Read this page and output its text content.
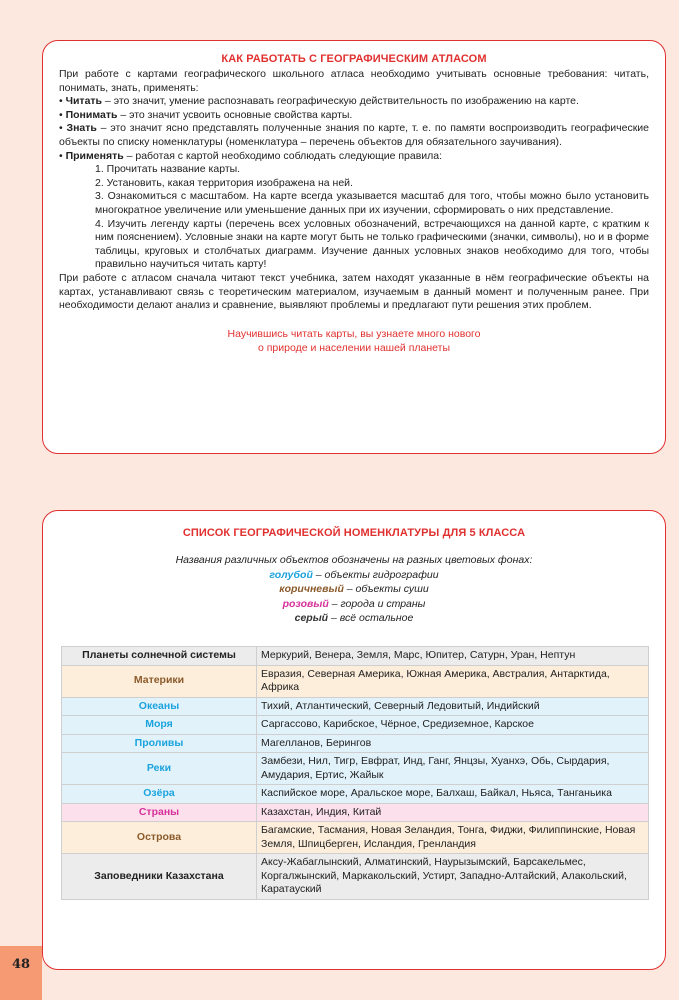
КАК РАБОТАТЬ С ГЕОГРАФИЧЕСКИМ АТЛАСОМ

При работе с картами географического школьного атласа необходимо учитывать основные требования: читать, понимать, знать, применять:

• Читать – это значит, умение распознавать географическую действительность по изображению на карте.

• Понимать – это значит усвоить основные свойства карты.

• Знать – это значит ясно представлять полученные знания по карте, т. е. по памяти воспроизводить географические объекты по списку номенклатуры (номенклатура – перечень объектов для обязательного заучивания).

• Применять – работая с картой необходимо соблюдать следующие правила:

1. Прочитать название карты.
2. Установить, какая территория изображена на ней.
3. Ознакомиться с масштабом. На карте всегда указывается масштаб для того, чтобы можно было установить многократное увеличение или уменьшение данных при их изучении, сформировать о них представление.
4. Изучить легенду карты (перечень всех условных обозначений, встречающихся на данной карте, с кратким к ним пояснением). Условные знаки на карте могут быть не только графическими (значки, символы), но и в форме таблицы, круговых и столбчатых диаграмм. Изучение данных условных знаков необходимо для того, чтобы правильно научиться читать карту!

При работе с атласом сначала читают текст учебника, затем находят указанные в нём географические объекты на картах, устанавливают связь с теоретическим материалом, изучаемым в данный момент и полученным ранее. При необходимости делают анализ и сравнение, выявляют проблемы и предлагают пути решения этих проблем.

Научившись читать карты, вы узнаете много нового
о природе и населении нашей планеты
СПИСОК ГЕОГРАФИЧЕСКОЙ НОМЕНКЛАТУРЫ ДЛЯ 5 КЛАССА
Названия различных объектов обозначены на разных цветовых фонах:
голубой – объекты гидрографии
коричневый – объекты суши
розовый – города и страны
серый – всё остальное
Планеты солнечной системы	Меркурий, Венера, Земля, Марс, Юпитер, Сатурн, Уран, Нептун
Материки	Евразия, Северная Америка, Южная Америка, Австралия, Антарктида, Африка
Океаны	Тихий, Атлантический, Северный Ледовитый, Индийский
Моря	Саргассово, Карибское, Чёрное, Средиземное, Карское
Проливы	Магелланов, Берингов
Реки	Замбези, Нил, Тигр, Евфрат, Инд, Ганг, Янцзы, Хуанхэ, Обь, Сырдария, Амудария, Ертис, Жайык
Озёра	Каспийское море, Аральское море, Балхаш, Байкал, Ньяса, Танганьика
Страны	Казахстан, Индия, Китай
Острова	Багамские, Тасмания, Новая Зеландия, Тонга, Фиджи, Филиппинские, Новая Земля, Шпицберген, Исландия, Гренландия
Заповедники Казахстана	Аксу-Жабаглынский, Алматинский, Наурызымский, Барсакельмес, Коргалжынский, Маркакольский, Устирт, Западно-Алтайский, Алакольский, Каратауский
48
